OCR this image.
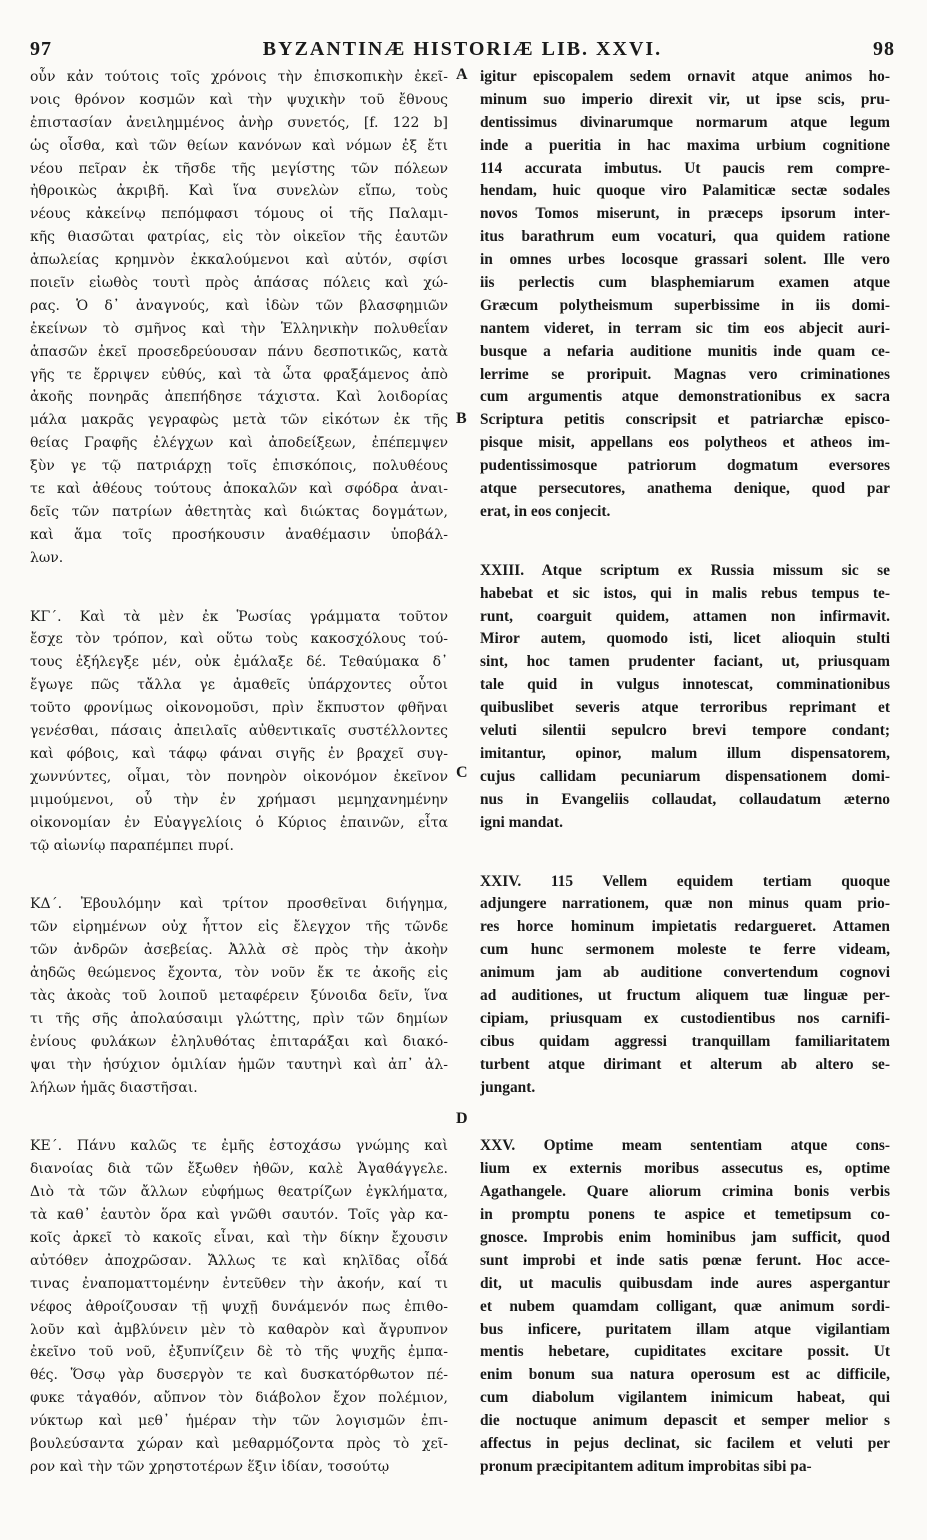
97	BYZANTINÆ HISTORIÆ LIB. XXVI.	98
A
B
C
D
οὖν κἀν τούτοις τοῖς χρόνοις τὴν ἐπισκοπικὴν ἐκεῖ-
νοις θρόνον κοσμῶν καὶ τὴν ψυχικὴν τοῦ ἔθνους
ἐπιστασίαν ἀνειλημμένος ἀνὴρ συνετός, [f. 122 b]
ὡς οἶσθα, καὶ τῶν θείων κανόνων καὶ νόμων ἐξ ἔτι
νέου πεῖραν ἐκ τῆσδε τῆς μεγίστης τῶν πόλεων
ἠθροικὼς ἀκριβῆ. Καὶ ἵνα συνελὼν εἴπω, τοὺς
νέους κἀκείνῳ πεπόμφασι τόμους οἱ τῆς Παλαμι-
κῆς θιασῶται φατρίας, εἰς τὸν οἰκεῖον τῆς ἑαυτῶν
ἀπωλείας κρημνὸν ἐκκαλούμενοι καὶ αὐτόν, σφίσι
ποιεῖν εἰωθὸς τουτὶ πρὸς ἁπάσας πόλεις καὶ χώ-
ρας. Ὁ δ᾿ ἀναγνούς, καὶ ἰδὼν τῶν βλασφημιῶν
ἐκείνων τὸ σμῆνος καὶ τὴν Ἑλληνικὴν πολυθεΐαν
ἁπασῶν ἐκεῖ προσεδρεύουσαν πάνυ δεσποτικῶς, κατὰ
γῆς τε ἔρριψεν εὐθύς, καὶ τὰ ὦτα φραξάμενος ἀπὸ
ἀκοῆς πονηρᾶς ἀπεπήδησε τάχιστα. Καὶ λοιδορίας
μάλα μακρᾶς γεγραφὼς μετὰ τῶν εἰκότων ἐκ τῆς
θείας Γραφῆς ἐλέγχων καὶ ἀποδείξεων, ἐπέπεμψεν
ξὺν γε τῷ πατριάρχῃ τοῖς ἐπισκόποις, πολυθέους
τε καὶ ἀθέους τούτους ἀποκαλῶν καὶ σφόδρα ἀναι-
δεῖς τῶν πατρίων ἀθετητὰς καὶ διώκτας δογμάτων,
καὶ ἅμα τοῖς προσήκουσιν ἀναθέμασιν ὑποβάλ-
λων.
ΚΓ´. Καὶ τὰ μὲν ἐκ Ῥωσίας γράμματα τοῦτον
ἔσχε τὸν τρόπον, καὶ οὕτω τοὺς κακοσχόλους τού-
τους ἐξήλεγξε μέν, οὐκ ἐμάλαξε δέ. Τεθαύμακα δ᾿
ἔγωγε πῶς τἄλλα γε ἀμαθεῖς ὑπάρχοντες οὗτοι
τοῦτο φρονίμως οἰκονομοῦσι, πρὶν ἔκπυστον φθῆναι
γενέσθαι, πάσαις ἀπειλαῖς αὐθεντικαῖς συστέλλοντες
καὶ φόβοις, καὶ τάφῳ φάναι σιγῆς ἐν βραχεῖ συγ-
χωννύντες, οἶμαι, τὸν πονηρὸν οἰκονόμον ἐκεῖνον
μιμούμενοι, οὗ τὴν ἐν χρήμασι μεμηχανημένην
οἰκονομίαν ἐν Εὐαγγελίοις ὁ Κύριος ἐπαινῶν, εἶτα
τῷ αἰωνίῳ παραπέμπει πυρί.
ΚΔ´. Ἐβουλόμην καὶ τρίτον προσθεῖναι διήγημα,
τῶν εἰρημένων οὐχ ἧττον εἰς ἔλεγχον τῆς τῶνδε
τῶν ἀνδρῶν ἀσεβείας. Ἀλλὰ σὲ πρὸς τὴν ἀκοὴν
ἀηδῶς θεώμενος ἔχοντα, τὸν νοῦν ἔκ τε ἀκοῆς εἰς
τὰς ἀκοὰς τοῦ λοιποῦ μεταφέρειν ξύνοιδα δεῖν, ἵνα
τι τῆς σῆς ἀπολαύσαιμι γλώττης, πρὶν τῶν δημίων
ἐνίους φυλάκων ἐληλυθότας ἐπιταράξαι καὶ διακό-
ψαι τὴν ἡσύχιον ὁμιλίαν ἡμῶν ταυτηνὶ καὶ ἀπ᾿ ἀλ-
λήλων ἡμᾶς διαστῆσαι.
ΚΕ´. Πάνυ καλῶς τε ἐμῆς ἐστοχάσω γνώμης καὶ
διανοίας διὰ τῶν ἔξωθεν ἠθῶν, καλὲ Ἀγαθάγγελε.
Διὸ τὰ τῶν ἄλλων εὐφήμως θεατρίζων ἐγκλήματα,
τὰ καθ᾿ ἑαυτὸν ὅρα καὶ γνῶθι σαυτόν. Τοῖς γὰρ κα-
κοῖς ἀρκεῖ τὸ κακοῖς εἶναι, καὶ τὴν δίκην ἔχουσιν
αὐτόθεν ἀποχρῶσαν. Ἄλλως τε καὶ κηλῖδας οἶδά
τινας ἐναποματτομένην ἐντεῦθεν τὴν ἀκοήν, καί τι
νέφος ἀθροίζουσαν τῇ ψυχῇ δυνάμενόν πως ἐπιθο-
λοῦν καὶ ἀμβλύνειν μὲν τὸ καθαρὸν καὶ ἄγρυπνον
ἐκεῖνο τοῦ νοῦ, ἐξυπνίζειν δὲ τὸ τῆς ψυχῆς ἐμπα-
θές. Ὅσῳ γὰρ δυσεργὸν τε καὶ δυσκατόρθωτον πέ-
φυκε τἀγαθόν, αὔπνον τὸν διάβολον ἔχον πολέμιον,
νύκτωρ καὶ μεθ᾿ ἡμέραν τὴν τῶν λογισμῶν ἐπι-
βουλεύσαντα χώραν καὶ μεθαρμόζοντα πρὸς τὸ χεῖ-
ρον καὶ τὴν τῶν χρηστοτέρων ἕξιν ἰδίαν, τοσούτῳ
igitur episcopalem sedem ornavit atque animos ho-
minum suo imperio direxit vir, ut ipse scis, pru-
dentissimus divinarumque normarum atque legum
inde a pueritia in hac maxima urbium cognitione
114 accurata imbutus. Ut paucis rem compre-
hendam, huic quoque viro Palamiticæ sectæ sodales
novos Tomos miserunt, in præceps ipsorum inter-
itus barathrum eum vocaturi, qua quidem ratione
in omnes urbes locosque grassari solent. Ille vero
iis perlectis cum blasphemiarum examen atque
Græcum polytheismum superbissime in iis domi-
nantem videret, in terram sic tim eos abjecit auri-
busque a nefaria auditione munitis inde quam ce-
lerrime se proripuit. Magnas vero criminationes
cum argumentis atque demonstrationibus ex sacra
Scriptura petitis conscripsit et patriarchæ episco-
pisque misit, appellans eos polytheos et atheos im-
pudentissimosque patriorum dogmatum eversores
atque persecutores, anathema denique, quod par
erat, in eos conjecit.
XXIII. Atque scriptum ex Russia missum sic se
habebat et sic istos, qui in malis rebus tempus te-
runt, coarguit quidem, attamen non infirmavit.
Miror autem, quomodo isti, licet alioquin stulti
sint, hoc tamen prudenter faciant, ut, priusquam
tale quid in vulgus innotescat, comminationibus
quibuslibet severis atque terroribus reprimant et
veluti silentii sepulcro brevi tempore condant;
imitantur, opinor, malum illum dispensatorem,
cujus callidam pecuniarum dispensationem domi-
nus in Evangeliis collaudat, collaudatum æterno
igni mandat.
XXIV. 115 Vellem equidem tertiam quoque
adjungere narrationem, quæ non minus quam prio-
res horce hominum impietatis redargueret. Attamen
cum hunc sermonem moleste te ferre videam,
animum jam ab auditione convertendum cognovi
ad auditiones, ut fructum aliquem tuæ linguæ per-
cipiam, priusquam ex custodientibus nos carnifi-
cibus quidam aggressi tranquillam familiaritatem
turbent atque dirimant et alterum ab altero se-
jungant.
XXV. Optime meam sententiam atque cons-
lium ex externis moribus assecutus es, optime
Agathangele. Quare aliorum crimina bonis verbis
in promptu ponens te aspice et temetipsum co-
gnosce. Improbis enim hominibus jam sufficit, quod
sunt improbi et inde satis pœnæ ferunt. Hoc acce-
dit, ut maculis quibusdam inde aures aspergantur
et nubem quamdam colligant, quæ animum sordi-
bus inficere, puritatem illam atque vigilantiam
mentis hebetare, cupiditates excitare possit. Ut
enim bonum sua natura operosum est ac difficile,
cum diabolum vigilantem inimicum habeat, qui
die noctuque animum depascit et semper melior s
affectus in pejus declinat, sic facilem et veluti per
pronum præcipitantem aditum improbitas sibi pa-
